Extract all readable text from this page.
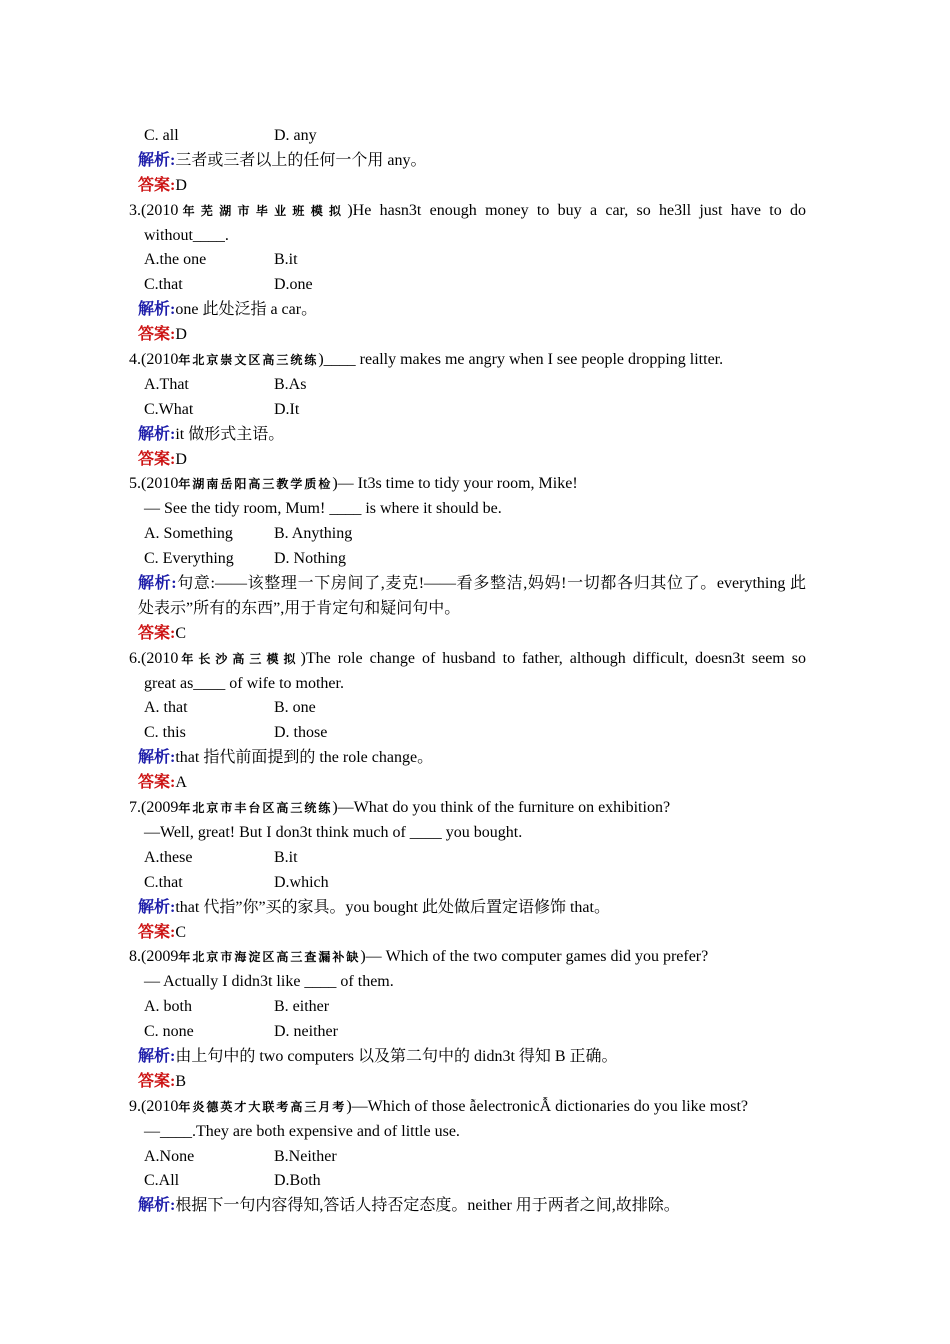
C. all	D. any
解析:三者或三者以上的任何一个用 any。
答案:D
3.(2010年芜湖市毕业班模拟)He hasn3t enough money to buy a car, so he3ll just have to do
without____.
A.the one	B.it
C.that	D.one
解析:one 此处泛指 a car。
答案:D
4.(2010年北京崇文区高三统练)____ really makes me angry when I see people dropping litter.
A.That	B.As
C.What	D.It
解析:it 做形式主语。
答案:D
5.(2010年湖南岳阳高三教学质检)— It3s time to tidy your room, Mike!
— See the tidy room, Mum! ____ is where it should be.
A. Something	B. Anything
C. Everything	D. Nothing
解析:句意:——该整理一下房间了,麦克!——看多整洁,妈妈!一切都各归其位了。everything 此
处表示”所有的东西”,用于肯定句和疑问句中。
答案:C
6.(2010年长沙高三模拟)The role change of husband to father, although difficult, doesn3t seem so
great as____ of wife to mother.
A. that	B. one
C. this	D. those
解析:that 指代前面提到的 the role change。
答案:A
7.(2009年北京市丰台区高三统练)—What do you think of the furniture on exhibition?
—Well, great! But I don3t think much of ____ you bought.
A.these	B.it
C.that	D.which
解析:that 代指”你”买的家具。you bought 此处做后置定语修饰 that。
答案:C
8.(2009年北京市海淀区高三查漏补缺)— Which of the two computer games did you prefer?
— Actually I didn3t like ____ of them.
A. both	B. either
C. none	D. neither
解析:由上句中的 two computers 以及第二句中的 didn3t 得知 B 正确。
答案:B
9.(2010年炎德英才大联考高三月考)—Which of those ẫelectronicẪ dictionaries do you like most?
—____.They are both expensive and of little use.
A.None	B.Neither
C.All	D.Both
解析:根据下一句内容得知,答话人持否定态度。neither 用于两者之间,故排除。
